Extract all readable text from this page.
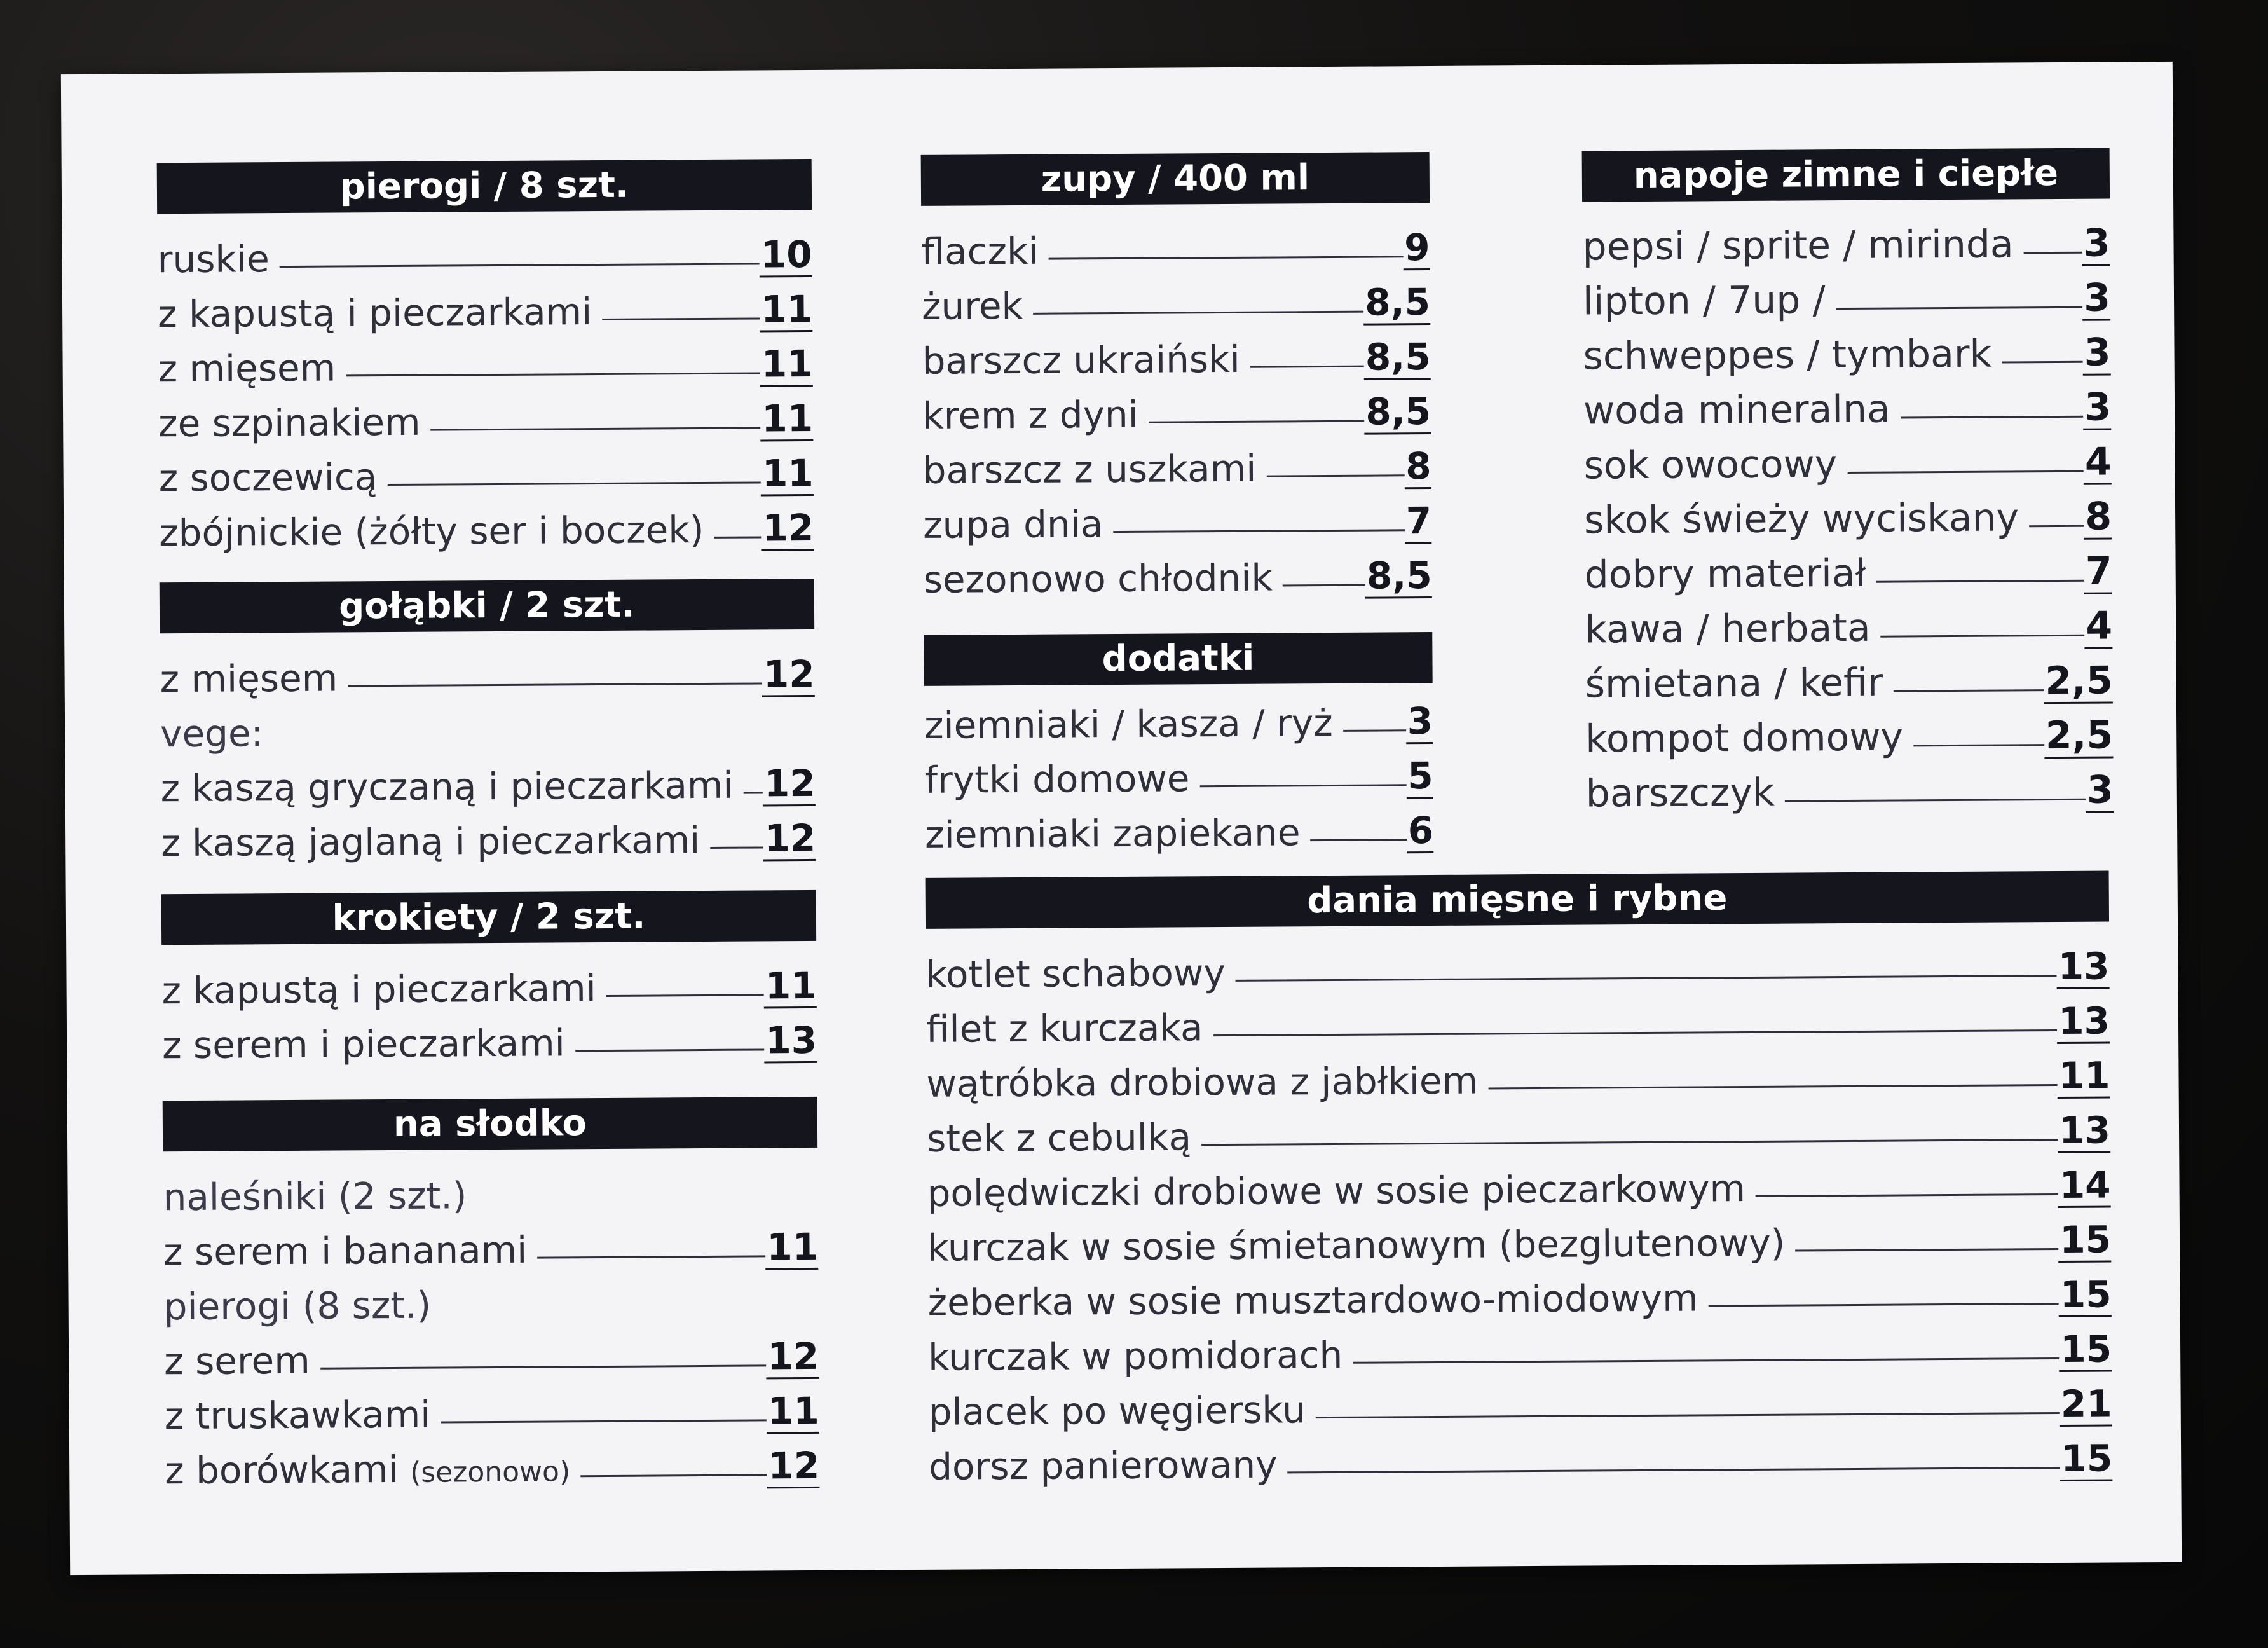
pierogi / 8 szt.
ruskie	10
z kapustą i pieczarkami	11
z mięsem	11
ze szpinakiem	11
z soczewicą	11
zbójnickie (żółty ser i boczek) 12
gołąbki / 2 szt.
z mięsem	12
vege:
z kaszą gryczaną i pieczarkami 12
z kaszą jaglaną i pieczarkami 12
krokiety / 2 szt.
z kapustą i pieczarkami	11
z serem i pieczarkami	13
na słodko
naleśniki (2 szt.)
z serem i bananami	11
pierogi (8 szt.)
z serem	12
z truskawkami	11
z borówkami (sezonowo)	12
zupy / 400 ml
flaczki	9
żurek	8,5
barszcz ukraiński	8,5
krem z dyni	8,5
barszcz z uszkami	8
zupa dnia	7
sezonowo chłodnik	8,5
dodatki
ziemniaki / kasza / ryż 3
frytki domowe	5
ziemniaki zapiekane	6
napoje zimne i ciepłe
pepsi / sprite / mirinda 3
lipton / 7up /	3
schweppes / tymbark 3
woda mineralna	3
sok owocowy	4
skok świeży wyciskany 8
dobry materiał	7
kawa / herbata	4
śmietana / kefir	2,5
kompot domowy	2,5
barszczyk	3
dania mięsne i rybne
kotlet schabowy	13
filet z kurczaka	13
wątróbka drobiowa z jabłkiem	11
stek z cebulką	13
polędwiczki drobiowe w sosie pieczarkowym	14
kurczak w sosie śmietanowym (bezglutenowy)	15
żeberka w sosie musztardowo-miodowym	15
kurczak w pomidorach	15
placek po węgiersku	21
dorsz panierowany	15
